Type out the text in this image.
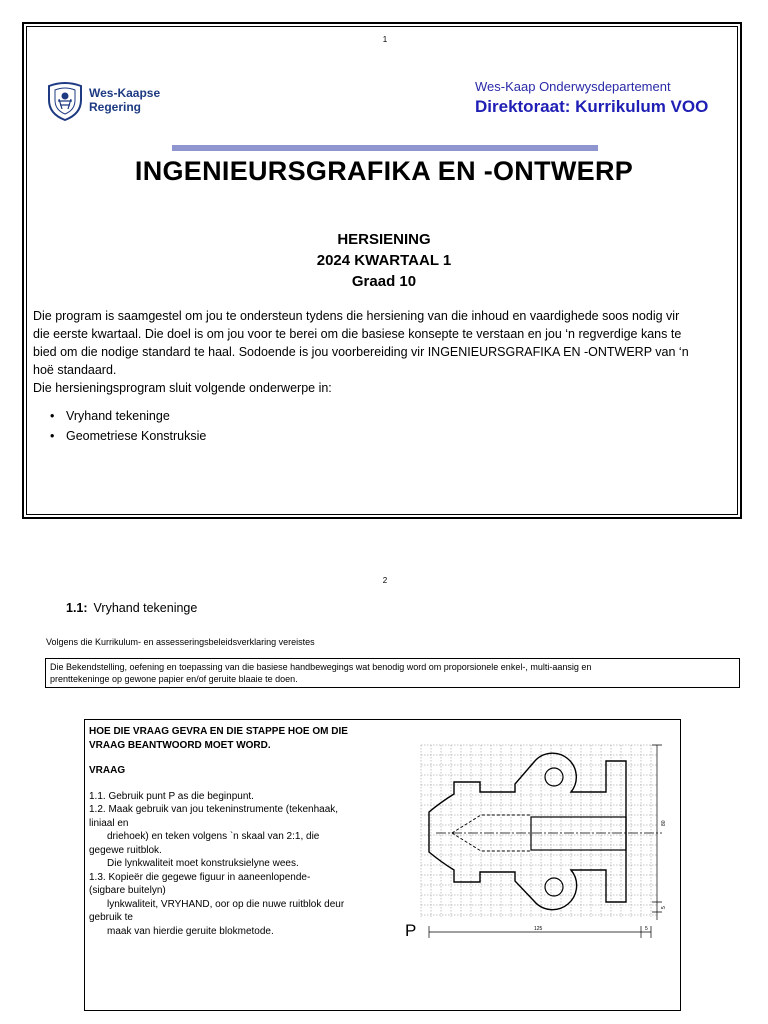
1
Wes-Kaapse
Regering
Wes-Kaap Onderwysdepartement
Direktoraat: Kurrikulum VOO
INGENIEURSGRAFIKA EN -ONTWERP
HERSIENING
2024 KWARTAAL 1
Graad 10
Die program is saamgestel om jou te ondersteun tydens die hersiening van die inhoud en vaardighede soos nodig vir
die eerste kwartaal. Die doel is om jou voor te berei om die basiese konsepte te verstaan en jou ‘n regverdige kans te
bied om die nodige standard te haal. Sodoende is jou voorbereiding vir INGENIEURSGRAFIKA EN -ONTWERP van ‘n
hoë standaard.
Die hersieningsprogram sluit volgende onderwerpe in:
• Vryhand tekeninge
• Geometriese Konstruksie
2
1.1: Vryhand tekeninge
Volgens die Kurrikulum- en assesseringsbeleidsverklaring vereistes
Die Bekendstelling, oefening en toepassing van die basiese handbewegings wat benodig word om proporsionele enkel-, multi-aansig en
prenttekeninge op gewone papier en/of geruite blaaie te doen.
HOE DIE VRAAG GEVRA EN DIE STAPPE HOE OM DIE
VRAAG BEANTWOORD MOET WORD.
VRAAG
1.1. Gebruik punt P as die beginpunt.
1.2. Maak gebruik van jou tekeninstrumente (tekenhaak,
liniaal en
driehoek) en teken volgens `n skaal van 2:1, die
gegewe ruitblok.
Die lynkwaliteit moet konstruksielyne wees.
1.3. Kopieër die gegewe figuur in aaneenlopende-
(sigbare buitelyn)
lynkwaliteit, VRYHAND, oor op die nuwe ruitblok deur
gebruik te
maak van hierdie geruite blokmetode.	P	125	5
80
5
